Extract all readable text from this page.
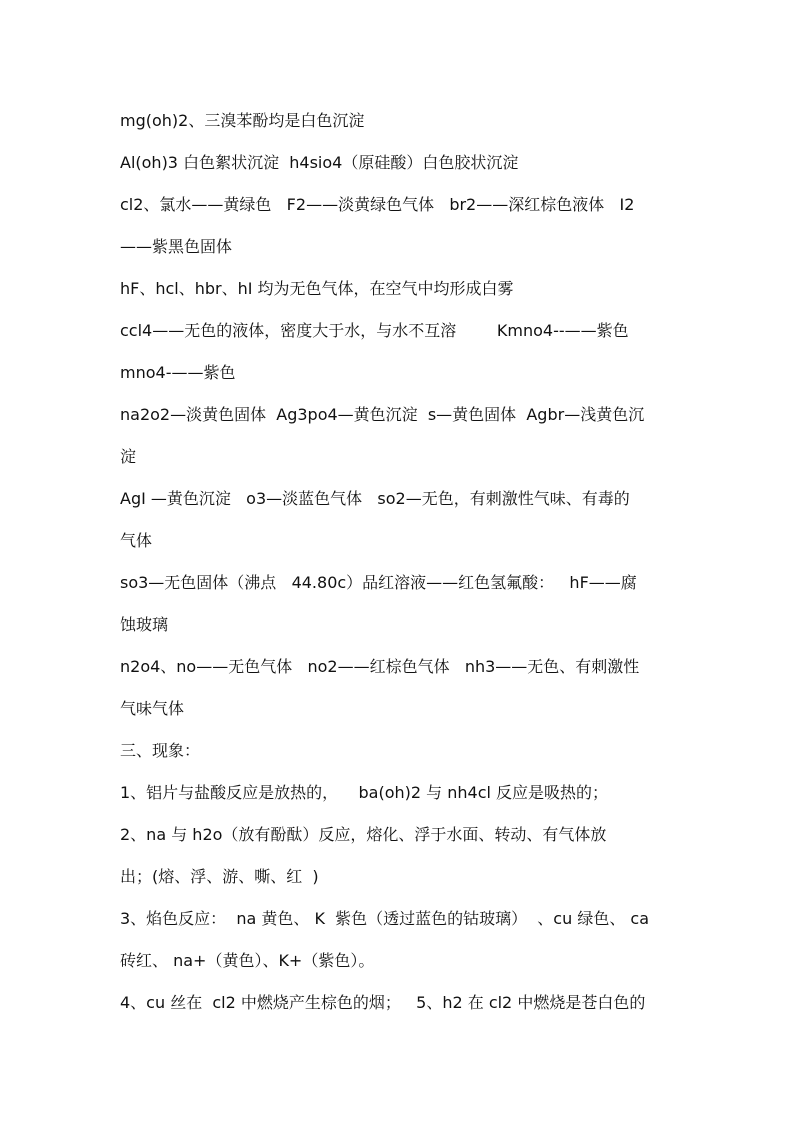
mg(oh)2、三溴苯酚均是白色沉淀
Al(oh)3 白色絮状沉淀  h4sio4（原硅酸）白色胶状沉淀
cl2、氯水——黄绿色   F2——淡黄绿色气体   br2——深红棕色液体   I2
——紫黑色固体
hF、hcl、hbr、hI 均为无色气体，在空气中均形成白雾
ccl4——无色的液体，密度大于水，与水不互溶        Kmno4--——紫色
mno4-——紫色
na2o2—淡黄色固体  Ag3po4—黄色沉淀  s—黄色固体  Agbr—浅黄色沉
淀
AgI —黄色沉淀   o3—淡蓝色气体   so2—无色，有刺激性气味、有毒的
气体
so3—无色固体（沸点   44.80c）品红溶液——红色氢氟酸：   hF——腐
蚀玻璃
n2o4、no——无色气体   no2——红棕色气体   nh3——无色、有刺激性
气味气体
三、现象：
1、铝片与盐酸反应是放热的，    ba(oh)2 与 nh4cl 反应是吸热的；
2、na 与 h2o（放有酚酞）反应，熔化、浮于水面、转动、有气体放
出；(熔、浮、游、嘶、红  )
3、焰色反应：  na 黄色、 K  紫色（透过蓝色的钴玻璃）  、cu 绿色、 ca
砖红、 na+（黄色）、K+（紫色）。
4、cu 丝在  cl2 中燃烧产生棕色的烟；   5、h2 在 cl2 中燃烧是苍白色的
